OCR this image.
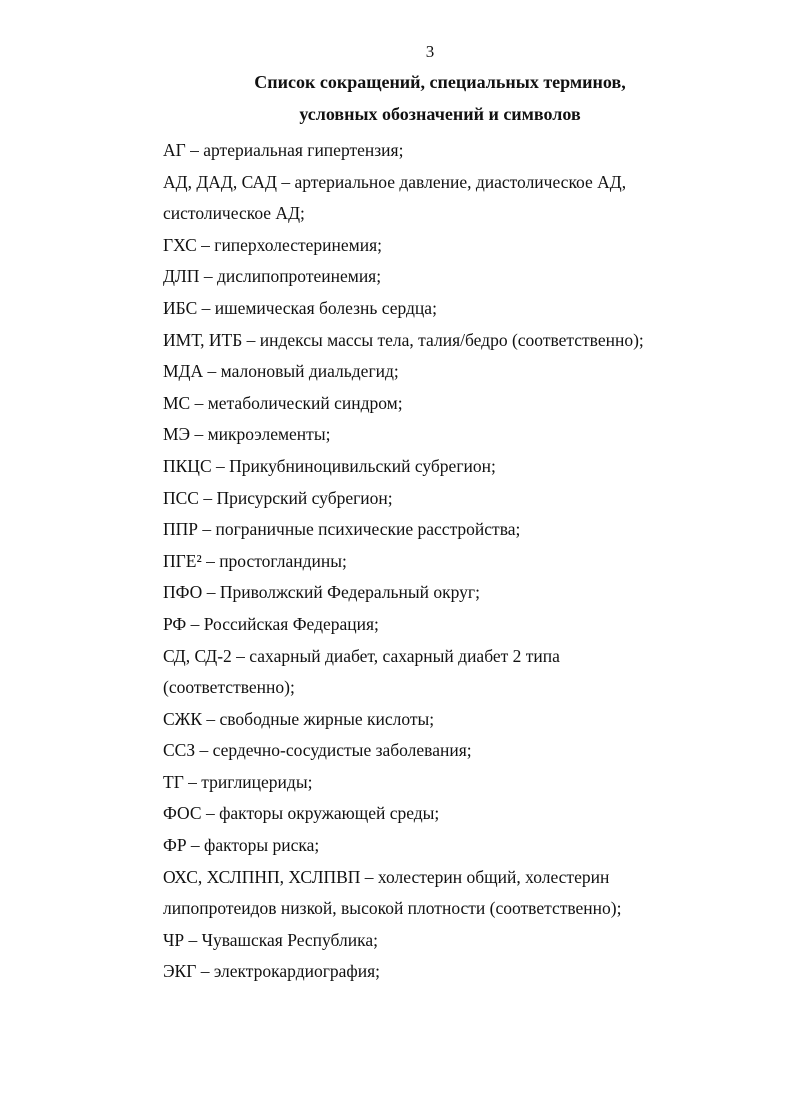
3
Список сокращений, специальных терминов,
условных обозначений и символов
АГ – артериальная гипертензия;
АД, ДАД, САД – артериальное давление, диастолическое АД,
систолическое АД;
ГХС – гиперхолестеринемия;
ДЛП – дислипопротеинемия;
ИБС – ишемическая болезнь сердца;
ИМТ, ИТБ – индексы массы тела, талия/бедро (соответственно);
МДА – малоновый диальдегид;
МС – метаболический синдром;
МЭ – микроэлементы;
ПКЦС – Прикубниноцивильский субрегион;
ПСС – Присурский субрегион;
ППР – пограничные психические расстройства;
ПГЕ² – простогландины;
ПФО – Приволжский Федеральный округ;
РФ – Российская Федерация;
СД, СД-2 – сахарный диабет, сахарный диабет 2 типа
(соответственно);
СЖК – свободные жирные кислоты;
ССЗ – сердечно-сосудистые заболевания;
ТГ – триглицериды;
ФОС – факторы окружающей среды;
ФР – факторы риска;
ОХС, ХСЛПНП, ХСЛПВП – холестерин общий, холестерин
липопротеидов низкой, высокой плотности (соответственно);
ЧР – Чувашская Республика;
ЭКГ – электрокардиография;
